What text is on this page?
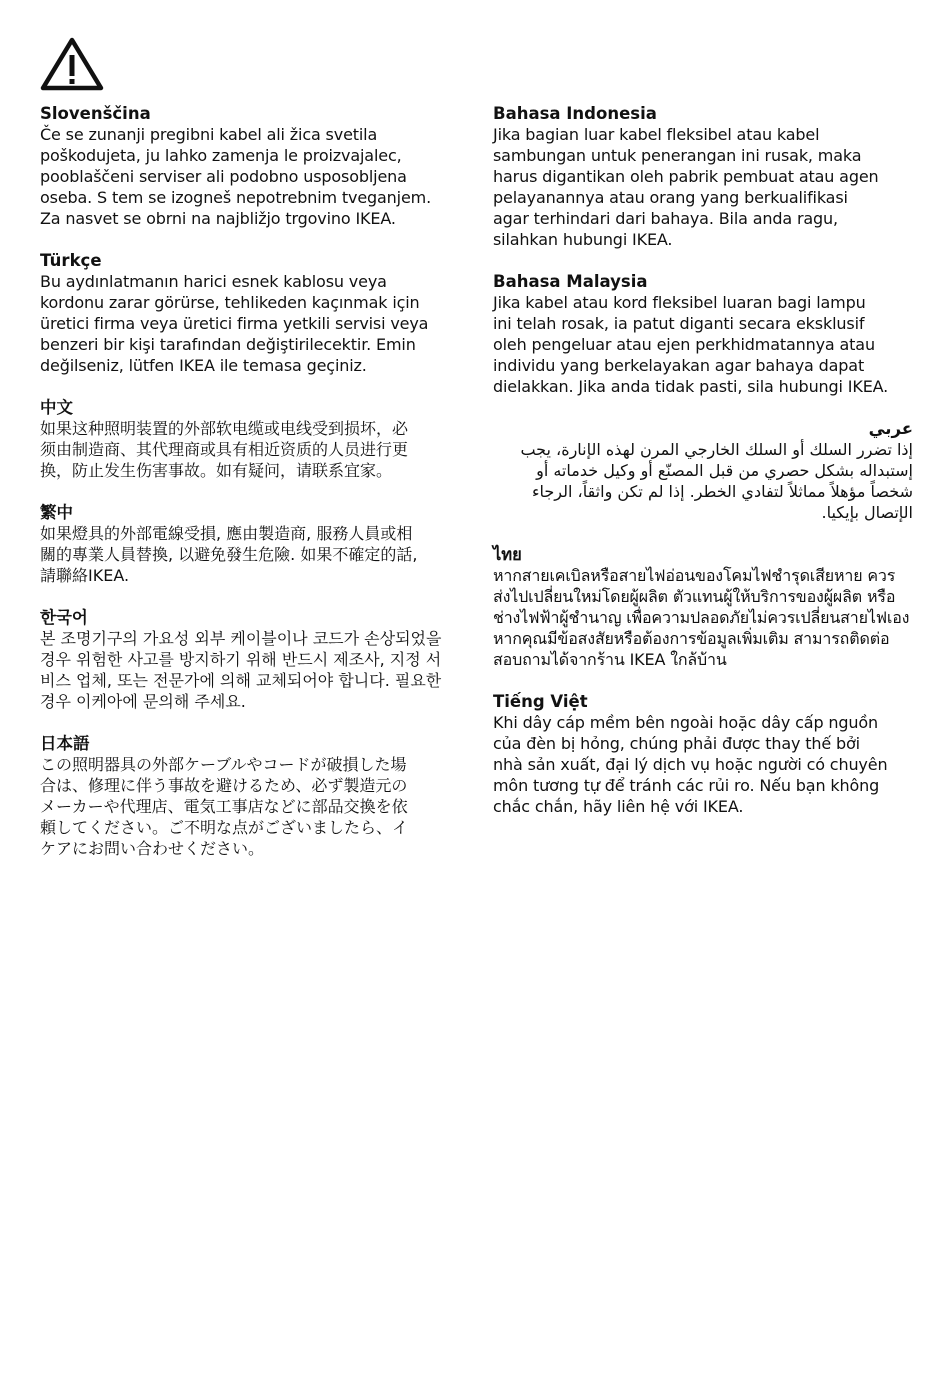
Slovenščina

Če se zunanji pregibni kabel ali žica svetila
poškodujeta, ju lahko zamenja le proizvajalec,
pooblaščeni serviser ali podobno usposobljena
oseba. S tem se izogneš nepotrebnim tveganjem.
Za nasvet se obrni na najbližjo trgovino IKEA.

Türkçe

Bu aydınlatmanın harici esnek kablosu veya
kordonu zarar görürse, tehlikeden kaçınmak için
üretici firma veya üretici firma yetkili servisi veya
benzeri bir kişi tarafından değiştirilecektir. Emin
değilseniz, lütfen IKEA ile temasa geçiniz.

中文

如果这种照明装置的外部软电缆或电线受到损坏，必
须由制造商、其代理商或具有相近资质的人员进行更
换，防止发生伤害事故。如有疑问，请联系宜家。

繁中

如果燈具的外部電線受損, 應由製造商, 服務人員或相
關的專業人員替換, 以避免發生危險. 如果不確定的話,
請聯絡IKEA.

한국어

본 조명기구의 가요성 외부 케이블이나 코드가 손상되었을
경우 위험한 사고를 방지하기 위해 반드시 제조사, 지정 서
비스 업체, 또는 전문가에 의해 교체되어야 합니다. 필요한
경우 이케아에 문의해 주세요.

日本語

この照明器具の外部ケーブルやコードが破損した場
合は、修理に伴う事故を避けるため、必ず製造元の
メーカーや代理店、電気工事店などに部品交換を依
頼してください。ご不明な点がございましたら、イ
ケアにお問い合わせください。

Bahasa Indonesia

Jika bagian luar kabel fleksibel atau kabel
sambungan untuk penerangan ini rusak, maka
harus digantikan oleh pabrik pembuat atau agen
pelayanannya atau orang yang berkualifikasi
agar terhindari dari bahaya. Bila anda ragu,
silahkan hubungi IKEA.

Bahasa Malaysia

Jika kabel atau kord fleksibel luaran bagi lampu
ini telah rosak, ia patut diganti secara eksklusif
oleh pengeluar atau ejen perkhidmatannya atau
individu yang berkelayakan agar bahaya dapat
dielakkan. Jika anda tidak pasti, sila hubungi IKEA.

عربي

إذا تضرر السلك أو السلك الخارجي المرن لهذه الإنارة، يجب
إستبداله بشكل حصري من قبل المصنّع أو وكيل خدماته أو
شخصاً مؤهلاً مماثلاً لتفادي الخطر. إذا لم تكن واثقاً، الرجاء
الإتصال بإيكيا.

ไทย

หากสายเคเบิลหรือสายไฟอ่อนของโคมไฟชำรุดเสียหาย ควร
ส่งไปเปลี่ยนใหม่โดยผู้ผลิต ตัวแทนผู้ให้บริการของผู้ผลิต หรือ
ช่างไฟฟ้าผู้ชำนาญ เพื่อความปลอดภัยไม่ควรเปลี่ยนสายไฟเอง
หากคุณมีข้อสงสัยหรือต้องการข้อมูลเพิ่มเติม สามารถติดต่อ
สอบถามได้จากร้าน IKEA ใกล้บ้าน

Tiếng Việt

Khi dây cáp mềm bên ngoài hoặc dây cấp nguồn
của đèn bị hỏng, chúng phải được thay thế bởi
nhà sản xuất, đại lý dịch vụ hoặc người có chuyên
môn tương tự để tránh các rủi ro. Nếu bạn không
chắc chắn, hãy liên hệ với IKEA.
